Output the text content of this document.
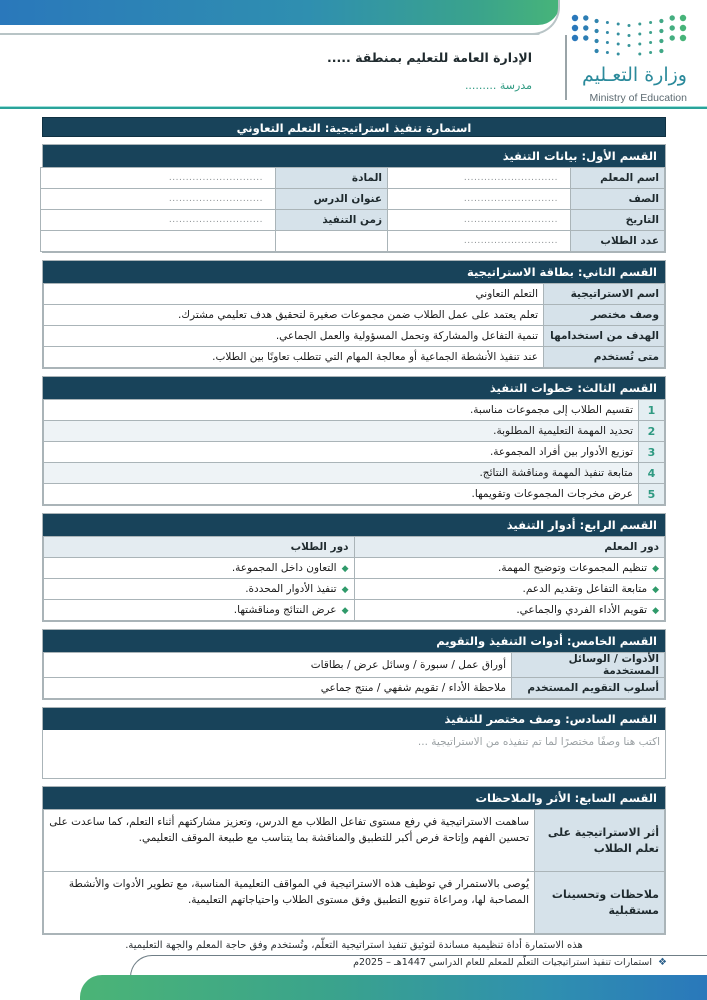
وزارة التعـليم
Ministry of Education
الإدارة العامة للتعليم بمنطقة .....
مدرسة .........
استمارة تنفيذ استراتيجية: التعلم التعاوني
القسم الأول: بيانات التنفيذ
اسم المعلم	............................	المادة	............................
الصف	............................	عنوان الدرس	............................
التاريخ	............................	زمن التنفيذ	............................
عدد الطلاب	............................		
القسم الثاني: بطاقة الاستراتيجية
اسم الاستراتيجية	التعلم التعاوني
وصف مختصر	تعلم يعتمد على عمل الطلاب ضمن مجموعات صغيرة لتحقيق هدف تعليمي مشترك.
الهدف من استخدامها	تنمية التفاعل والمشاركة وتحمل المسؤولية والعمل الجماعي.
متى تُستخدم	عند تنفيذ الأنشطة الجماعية أو معالجة المهام التي تتطلب تعاونًا بين الطلاب.
القسم الثالث: خطوات التنفيذ
1	تقسيم الطلاب إلى مجموعات مناسبة.
2	تحديد المهمة التعليمية المطلوبة.
3	توزيع الأدوار بين أفراد المجموعة.
4	متابعة تنفيذ المهمة ومناقشة النتائج.
5	عرض مخرجات المجموعات وتقويمها.
القسم الرابع: أدوار التنفيذ
دور المعلم	دور الطلاب
◆تنظيم المجموعات وتوضيح المهمة.	◆التعاون داخل المجموعة.
◆متابعة التفاعل وتقديم الدعم.	◆تنفيذ الأدوار المحددة.
◆تقويم الأداء الفردي والجماعي.	◆عرض النتائج ومناقشتها.
القسم الخامس: أدوات التنفيذ والتقويم
الأدوات / الوسائل المستخدمة	أوراق عمل / سبورة / وسائل عرض / بطاقات
أسلوب التقويم المستخدم	ملاحظة الأداء / تقويم شفهي / منتج جماعي
القسم السادس: وصف مختصر للتنفيذ
اكتب هنا وصفًا مختصرًا لما تم تنفيذه من الاستراتيجية ...
القسم السابع: الأثر والملاحظات
أثر الاستراتيجية على تعلم الطلاب	ساهمت الاستراتيجية في رفع مستوى تفاعل الطلاب مع الدرس، وتعزيز مشاركتهم أثناء التعلم، كما ساعدت على تحسين الفهم وإتاحة فرص أكبر للتطبيق والمناقشة بما يتناسب مع طبيعة الموقف التعليمي.
ملاحظات وتحسينات مستقبلية	يُوصى بالاستمرار في توظيف هذه الاستراتيجية في المواقف التعليمية المناسبة، مع تطوير الأدوات والأنشطة المصاحبة لها، ومراعاة تنويع التطبيق وفق مستوى الطلاب واحتياجاتهم التعليمية.
هذه الاستمارة أداة تنظيمية مساندة لتوثيق تنفيذ استراتيجية التعلّم، وتُستخدم وفق حاجة المعلم والجهة التعليمية.
❖استمارات تنفيذ استراتيجيات التعلّم للمعلم للعام الدراسي 1447هـ – 2025م
